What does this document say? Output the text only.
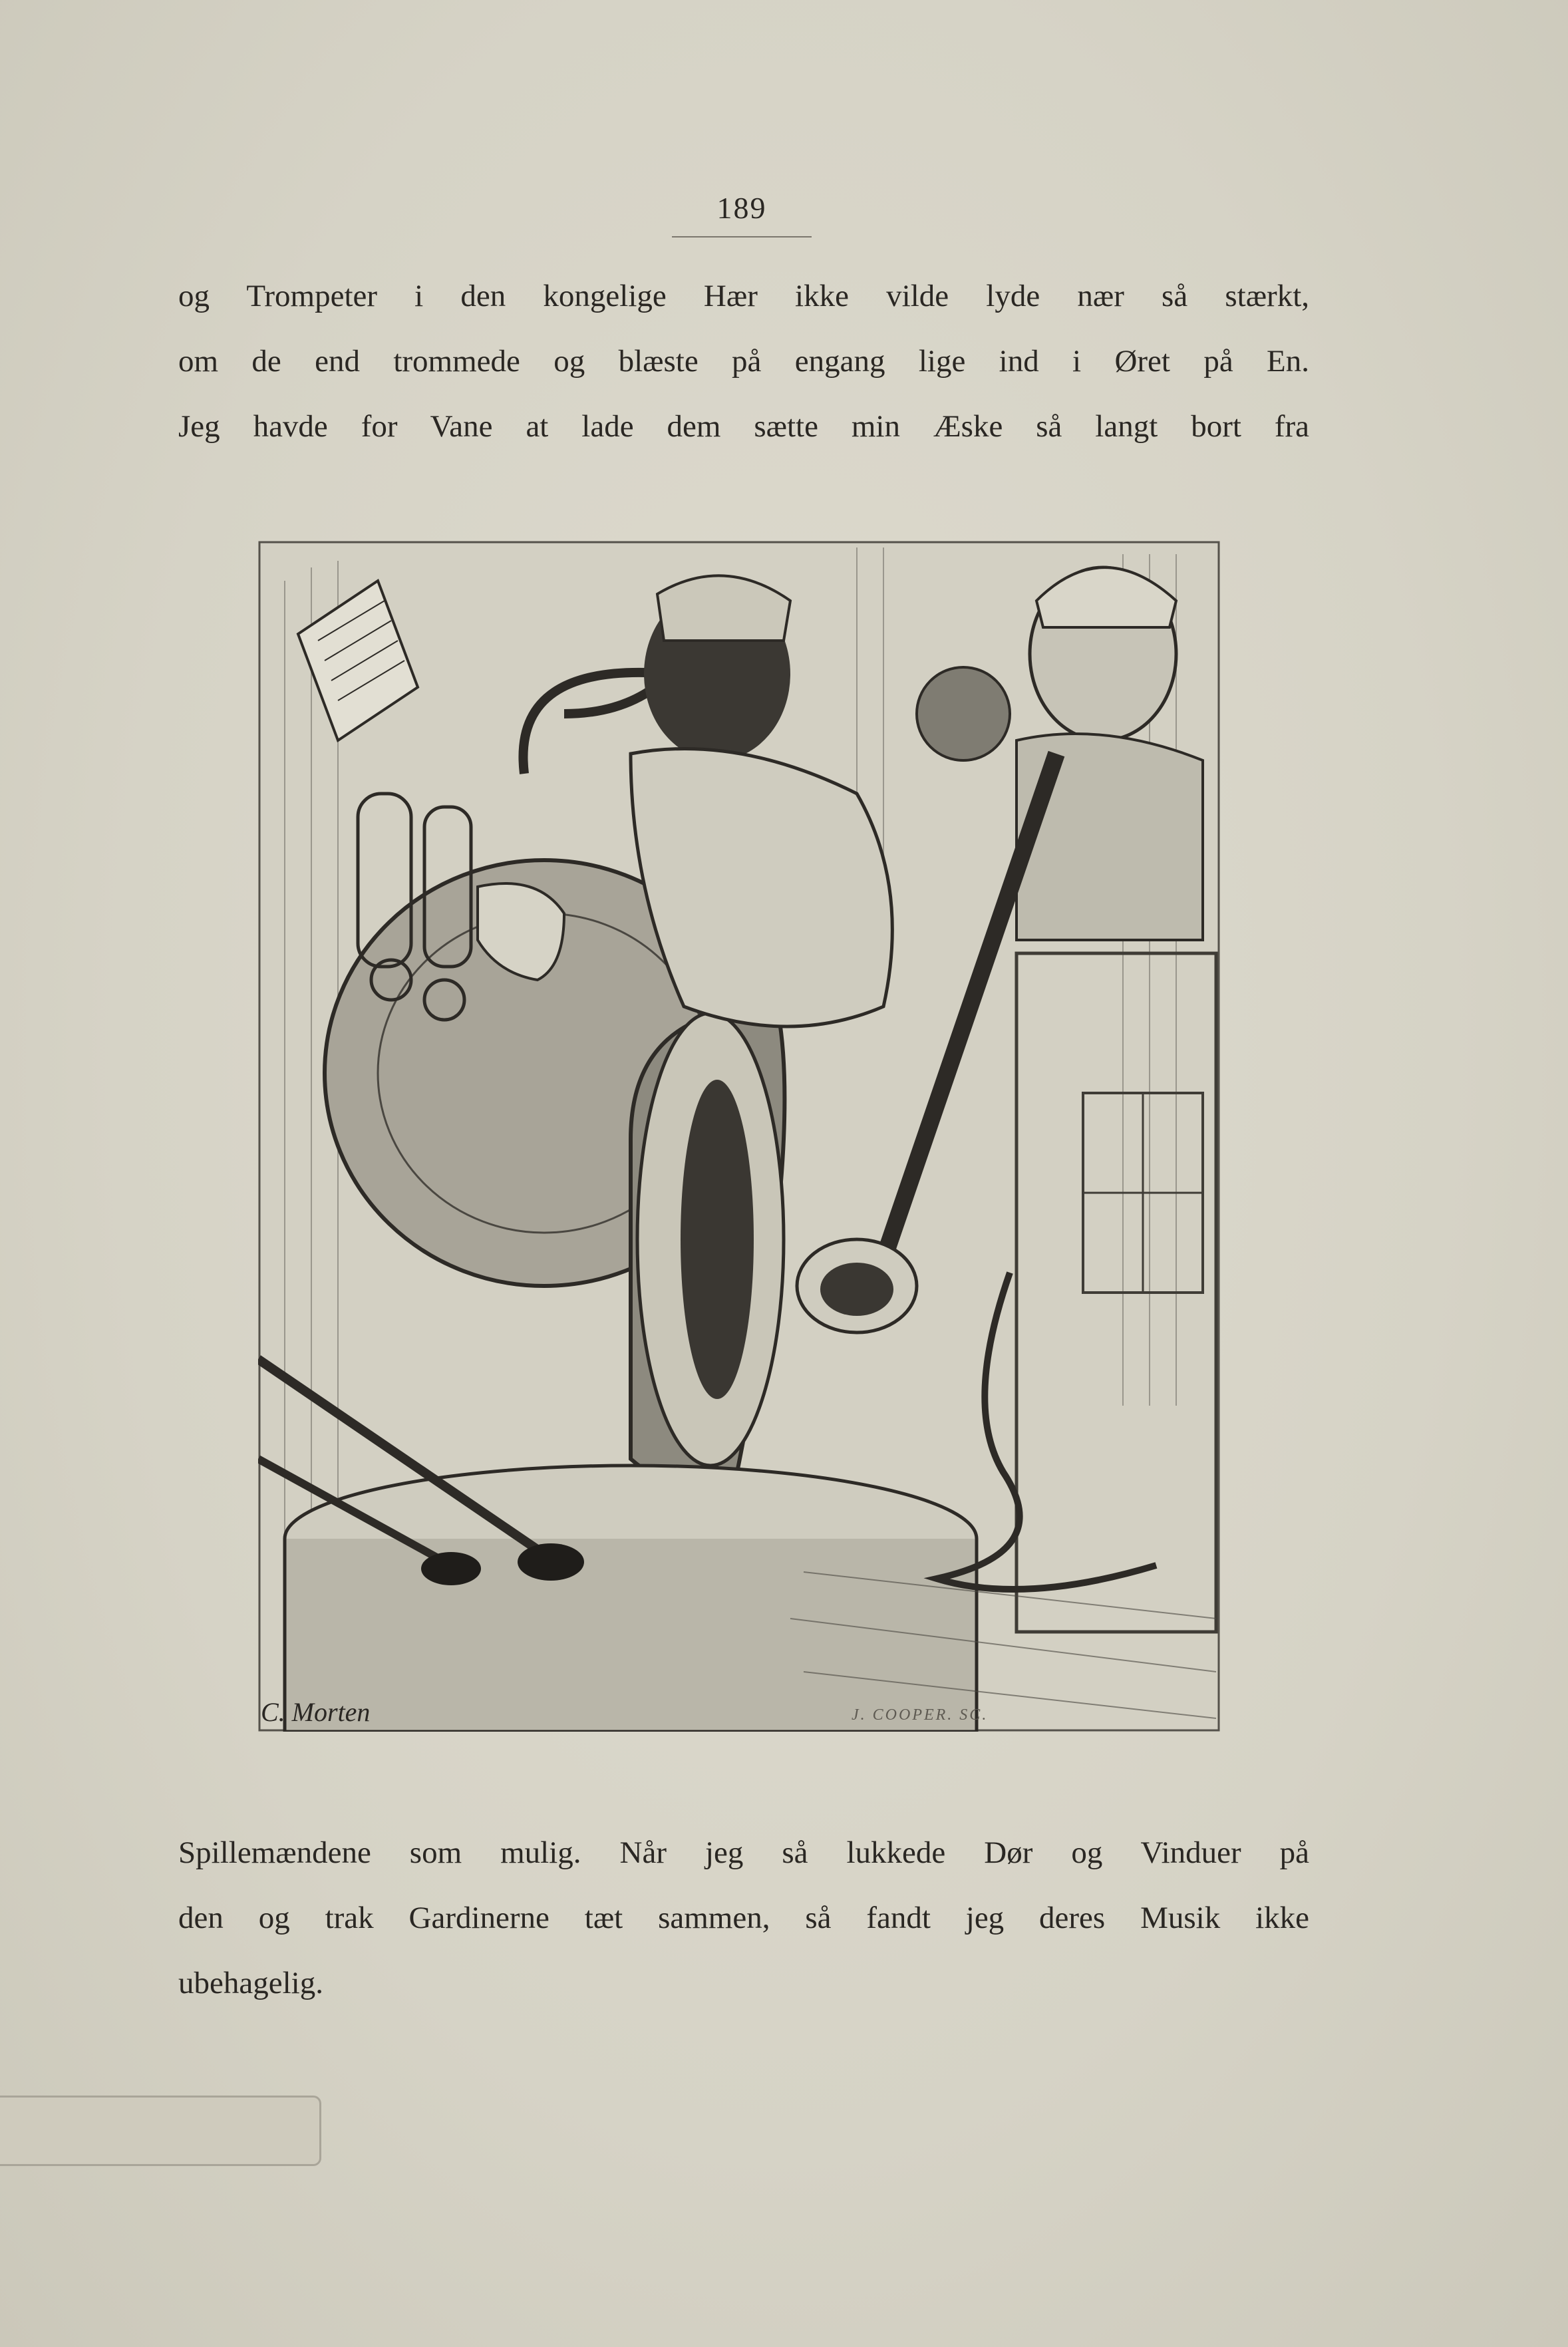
189
og Trompeter i den kongelige Hær ikke vilde lyde nær så stærkt,
om de end trommede og blæste på engang lige ind i Øret på En.
Jeg havde for Vane at lade dem sætte min Æske så langt bort fra
C. Morten	J. COOPER. SC.
Spillemændene som mulig. Når jeg så lukkede Dør og Vinduer på
den og trak Gardinerne tæt sammen, så fandt jeg deres Musik ikke
ubehagelig.
